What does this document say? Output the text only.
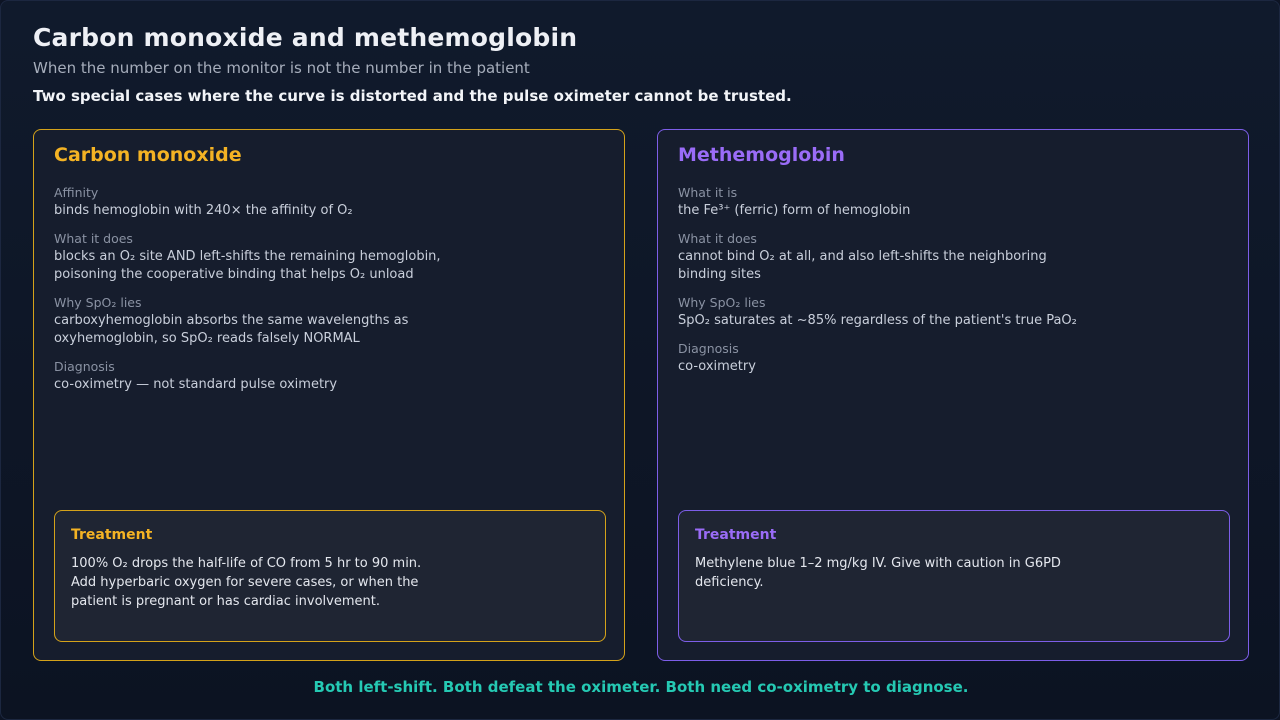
Carbon monoxide and methemoglobin
When the number on the monitor is not the number in the patient
Two special cases where the curve is distorted and the pulse oximeter cannot be trusted.
Carbon monoxide
Affinity
binds hemoglobin with 240× the affinity of O₂
What it does
blocks an O₂ site AND left-shifts the remaining hemoglobin, poisoning the cooperative binding that helps O₂ unload
Why SpO₂ lies
carboxyhemoglobin absorbs the same wavelengths as oxyhemoglobin, so SpO₂ reads falsely NORMAL
Diagnosis
co-oximetry — not standard pulse oximetry
Treatment
100% O₂ drops the half-life of CO from 5 hr to 90 min. Add hyperbaric oxygen for severe cases, or when the patient is pregnant or has cardiac involvement.
Methemoglobin
What it is
the Fe³⁺ (ferric) form of hemoglobin
What it does
cannot bind O₂ at all, and also left-shifts the neighboring binding sites
Why SpO₂ lies
SpO₂ saturates at ~85% regardless of the patient's true PaO₂
Diagnosis
co-oximetry
Treatment
Methylene blue 1–2 mg/kg IV. Give with caution in G6PD deficiency.
Both left-shift. Both defeat the oximeter. Both need co-oximetry to diagnose.
